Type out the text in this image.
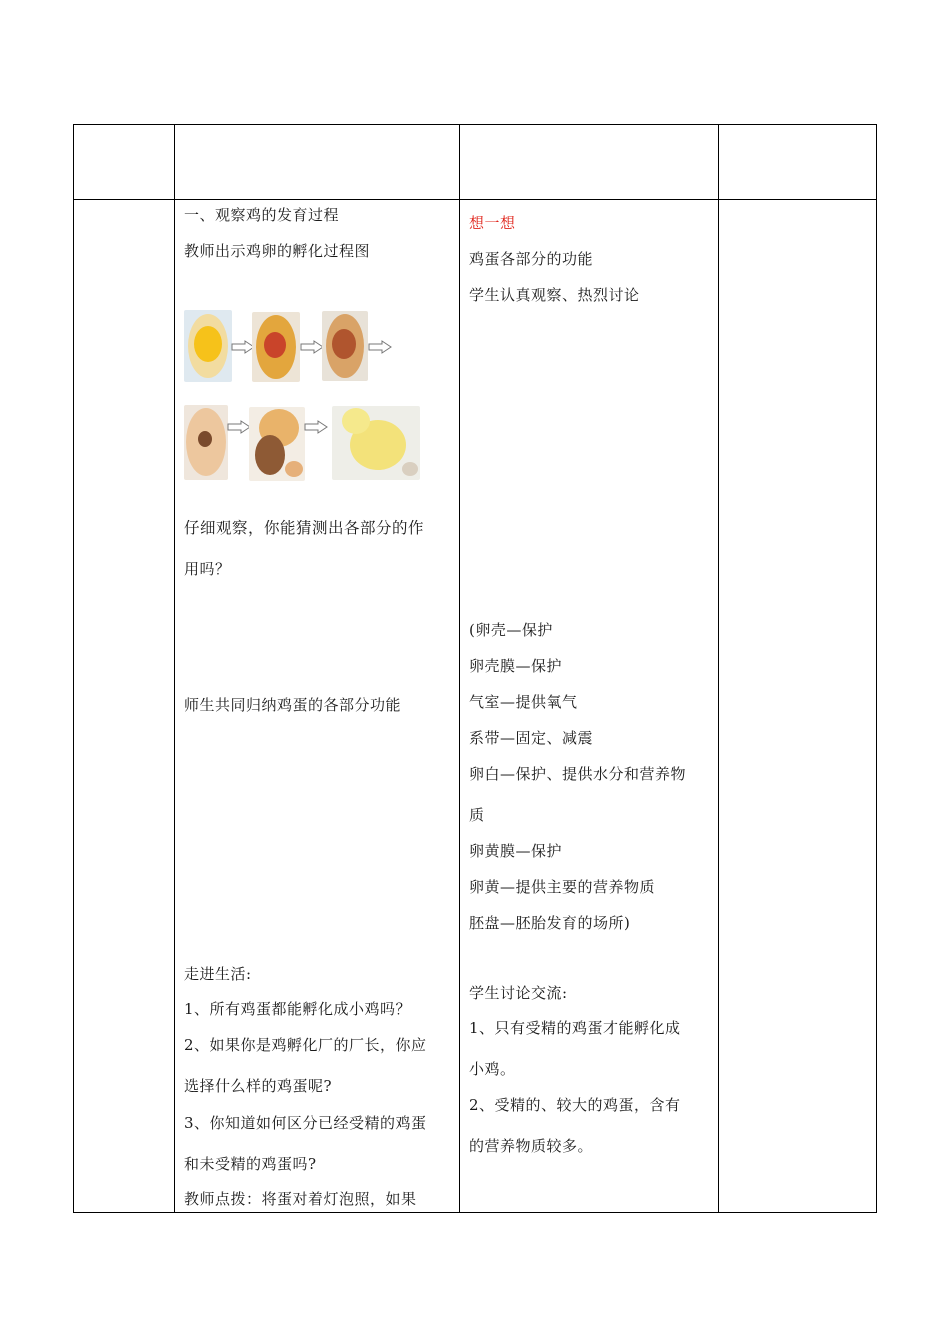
一、观察鸡的发育过程
教师出示鸡卵的孵化过程图
仔细观察，你能猜测出各部分的作
用吗？
师生共同归纳鸡蛋的各部分功能
走进生活:
1、所有鸡蛋都能孵化成小鸡吗？
2、如果你是鸡孵化厂的厂长，你应
选择什么样的鸡蛋呢?
3、你知道如何区分已经受精的鸡蛋
和未受精的鸡蛋吗?
教师点拨：将蛋对着灯泡照，如果
想一想
鸡蛋各部分的功能
学生认真观察、热烈讨论
(卵壳—保护
卵壳膜—保护
气室—提供氧气
系带—固定、减震
卵白—保护、提供水分和营养物
质
卵黄膜—保护
卵黄—提供主要的营养物质
胚盘—胚胎发育的场所)
学生讨论交流:
1、只有受精的鸡蛋才能孵化成
小鸡。
2、受精的、较大的鸡蛋，含有
的营养物质较多。
